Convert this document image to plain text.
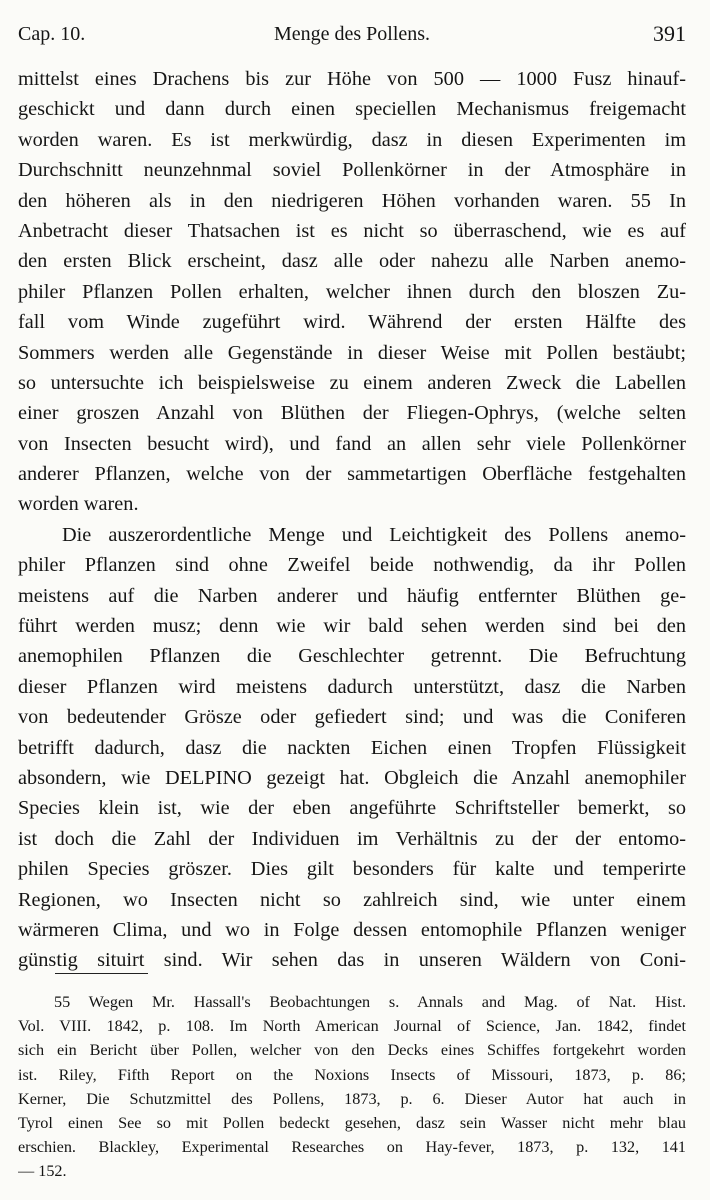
Menge des Pollens.
Cap. 10.	391
mittelst eines Drachens bis zur Höhe von 500 — 1000 Fusz hinauf-
geschickt und dann durch einen speciellen Mechanismus freigemacht
worden waren. Es ist merkwürdig, dasz in diesen Experimenten im
Durchschnitt neunzehnmal soviel Pollenkörner in der Atmosphäre in
den höheren als in den niedrigeren Höhen vorhanden waren. 55 In
Anbetracht dieser Thatsachen ist es nicht so überraschend, wie es auf
den ersten Blick erscheint, dasz alle oder nahezu alle Narben anemo-
philer Pflanzen Pollen erhalten, welcher ihnen durch den bloszen Zu-
fall vom Winde zugeführt wird. Während der ersten Hälfte des
Sommers werden alle Gegenstände in dieser Weise mit Pollen bestäubt;
so untersuchte ich beispielsweise zu einem anderen Zweck die Labellen
einer groszen Anzahl von Blüthen der Fliegen-Ophrys, (welche selten
von Insecten besucht wird), und fand an allen sehr viele Pollenkörner
anderer Pflanzen, welche von der sammetartigen Oberfläche festgehalten
worden waren.
Die auszerordentliche Menge und Leichtigkeit des Pollens anemo-
philer Pflanzen sind ohne Zweifel beide nothwendig, da ihr Pollen
meistens auf die Narben anderer und häufig entfernter Blüthen ge-
führt werden musz; denn wie wir bald sehen werden sind bei den
anemophilen Pflanzen die Geschlechter getrennt. Die Befruchtung
dieser Pflanzen wird meistens dadurch unterstützt, dasz die Narben
von bedeutender Grösze oder gefiedert sind; und was die Coniferen
betrifft dadurch, dasz die nackten Eichen einen Tropfen Flüssigkeit
absondern, wie DELPINO gezeigt hat. Obgleich die Anzahl anemophiler
Species klein ist, wie der eben angeführte Schriftsteller bemerkt, so
ist doch die Zahl der Individuen im Verhältnis zu der der entomo-
philen Species gröszer. Dies gilt besonders für kalte und temperirte
Regionen, wo Insecten nicht so zahlreich sind, wie unter einem
wärmeren Clima, und wo in Folge dessen entomophile Pflanzen weniger
günstig situirt sind. Wir sehen das in unseren Wäldern von Coni-
55 Wegen Mr. Hassall's Beobachtungen s. Annals and Mag. of Nat. Hist.
Vol. VIII. 1842, p. 108. Im North American Journal of Science, Jan. 1842, findet
sich ein Bericht über Pollen, welcher von den Decks eines Schiffes fortgekehrt worden
ist. Riley, Fifth Report on the Noxions Insects of Missouri, 1873, p. 86;
Kerner, Die Schutzmittel des Pollens, 1873, p. 6. Dieser Autor hat auch in
Tyrol einen See so mit Pollen bedeckt gesehen, dasz sein Wasser nicht mehr blau
erschien. Blackley, Experimental Researches on Hay-fever, 1873, p. 132, 141
— 152.
